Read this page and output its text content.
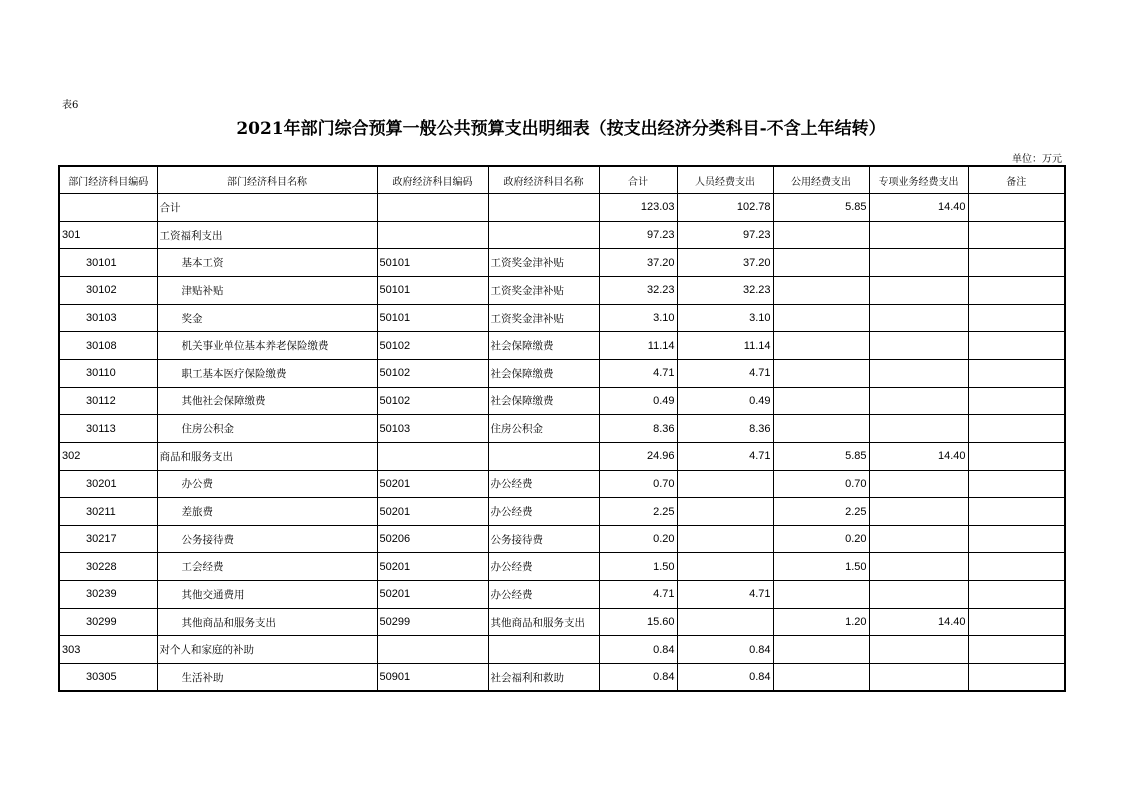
表6
2021年部门综合预算一般公共预算支出明细表（按支出经济分类科目-不含上年结转）
单位：万元
部门经济科目编码	部门经济科目名称	政府经济科目编码	政府经济科目名称	合计	人员经费支出	公用经费支出	专项业务经费支出	备注
	合计			123.03	102.78	5.85	14.40	
301	工资福利支出			97.23	97.23			
30101	基本工资	50101	工资奖金津补贴	37.20	37.20			
30102	津贴补贴	50101	工资奖金津补贴	32.23	32.23			
30103	奖金	50101	工资奖金津补贴	3.10	3.10			
30108	机关事业单位基本养老保险缴费	50102	社会保障缴费	11.14	11.14			
30110	职工基本医疗保险缴费	50102	社会保障缴费	4.71	4.71			
30112	其他社会保障缴费	50102	社会保障缴费	0.49	0.49			
30113	住房公积金	50103	住房公积金	8.36	8.36			
302	商品和服务支出			24.96	4.71	5.85	14.40	
30201	办公费	50201	办公经费	0.70		0.70		
30211	差旅费	50201	办公经费	2.25		2.25		
30217	公务接待费	50206	公务接待费	0.20		0.20		
30228	工会经费	50201	办公经费	1.50		1.50		
30239	其他交通费用	50201	办公经费	4.71	4.71			
30299	其他商品和服务支出	50299	其他商品和服务支出	15.60		1.20	14.40	
303	对个人和家庭的补助			0.84	0.84			
30305	生活补助	50901	社会福利和救助	0.84	0.84			
